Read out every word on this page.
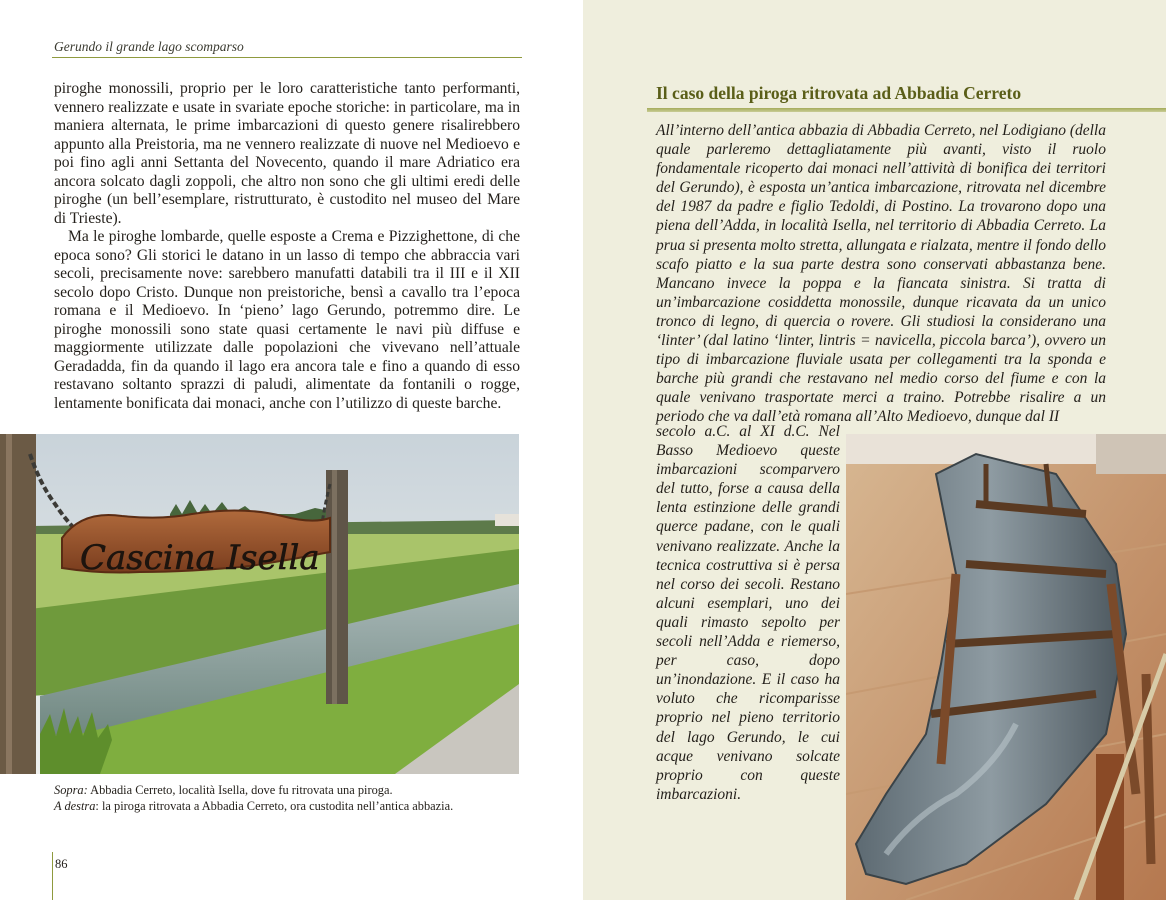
Gerundo il grande lago scomparso

piroghe monossili, proprio per le loro caratteristiche tanto performanti, vennero realizzate e usate in svariate epoche storiche: in particolare, ma in maniera alternata, le prime imbarcazioni di questo genere risalirebbero appunto alla Preistoria, ma ne vennero realizzate di nuove nel Medioevo e poi fino agli anni Settanta del Novecento, quando il mare Adriatico era ancora solcato dagli zoppoli, che altro non sono che gli ultimi eredi delle piroghe (un bell’esemplare, ristrutturato, è custodito nel museo del Mare di Trieste).

Ma le piroghe lombarde, quelle esposte a Crema e Pizzighettone, di che epoca sono? Gli storici le datano in un lasso di tempo che abbraccia vari secoli, precisamente nove: sarebbero manufatti databili tra il III e il XII secolo dopo Cristo. Dunque non preistoriche, bensì a cavallo tra l’epoca romana e il Medioevo. In ‘pieno’ lago Gerundo, potremmo dire. Le piroghe monossili sono state quasi certamente le navi più diffuse e maggiormente utilizzate dalle popolazioni che vivevano nell’attuale Geradadda, fin da quando il lago era ancora tale e fino a quando di esso restavano soltanto sprazzi di paludi, alimentate da fontanili o rogge, lentamente bonificata dai monaci, anche con l’utilizzo di queste barche.

Cascina Isella
Sopra: Abbadia Cerreto, località Isella, dove fu ritrovata una piroga.
A destra: la piroga ritrovata a Abbadia Cerreto, ora custodita nell’antica abbazia.
86
Il caso della piroga ritrovata ad Abbadia Cerreto
All’interno dell’antica abbazia di Abbadia Cerreto, nel Lodigiano (della quale parleremo dettagliatamente più avanti, visto il ruolo fondamentale ricoperto dai monaci nell’attività di bonifica dei territori del Gerundo), è esposta un’antica imbarcazione, ritrovata nel dicembre del 1987 da padre e figlio Tedoldi, di Postino. La trovarono dopo una piena dell’Adda, in località Isella, nel territorio di Abbadia Cerreto. La prua si presenta molto stretta, allungata e rialzata, mentre il fondo dello scafo piatto e la sua parte destra sono conservati abbastanza bene. Mancano invece la poppa e la fiancata sinistra. Si tratta di un’imbarcazione cosiddetta monossile, dunque ricavata da un unico tronco di legno, di quercia o rovere. Gli studiosi la considerano una ‘linter’ (dal latino ‘linter, lintris = navicella, piccola barca’), ovvero un tipo di imbarcazione fluviale usata per collegamenti tra la sponda e barche più grandi che restavano nel medio corso del fiume e con la quale venivano trasportate merci a traino. Potrebbe risalire a un periodo che va dall’età romana all’Alto Medioevo, dunque dal II
secolo a.C. al XI d.C. Nel Basso Medioevo queste imbarcazioni scomparvero del tutto, forse a causa della lenta estinzione delle grandi querce padane, con le quali venivano realizzate. Anche la tecnica costruttiva si è persa nel corso dei secoli. Restano alcuni esemplari, uno dei quali rimasto sepolto per secoli nell’Adda e riemerso, per caso, dopo un’inondazione. E il caso ha voluto che ricomparisse proprio nel pieno territorio del lago Gerundo, le cui acque venivano solcate proprio con queste imbarcazioni.
